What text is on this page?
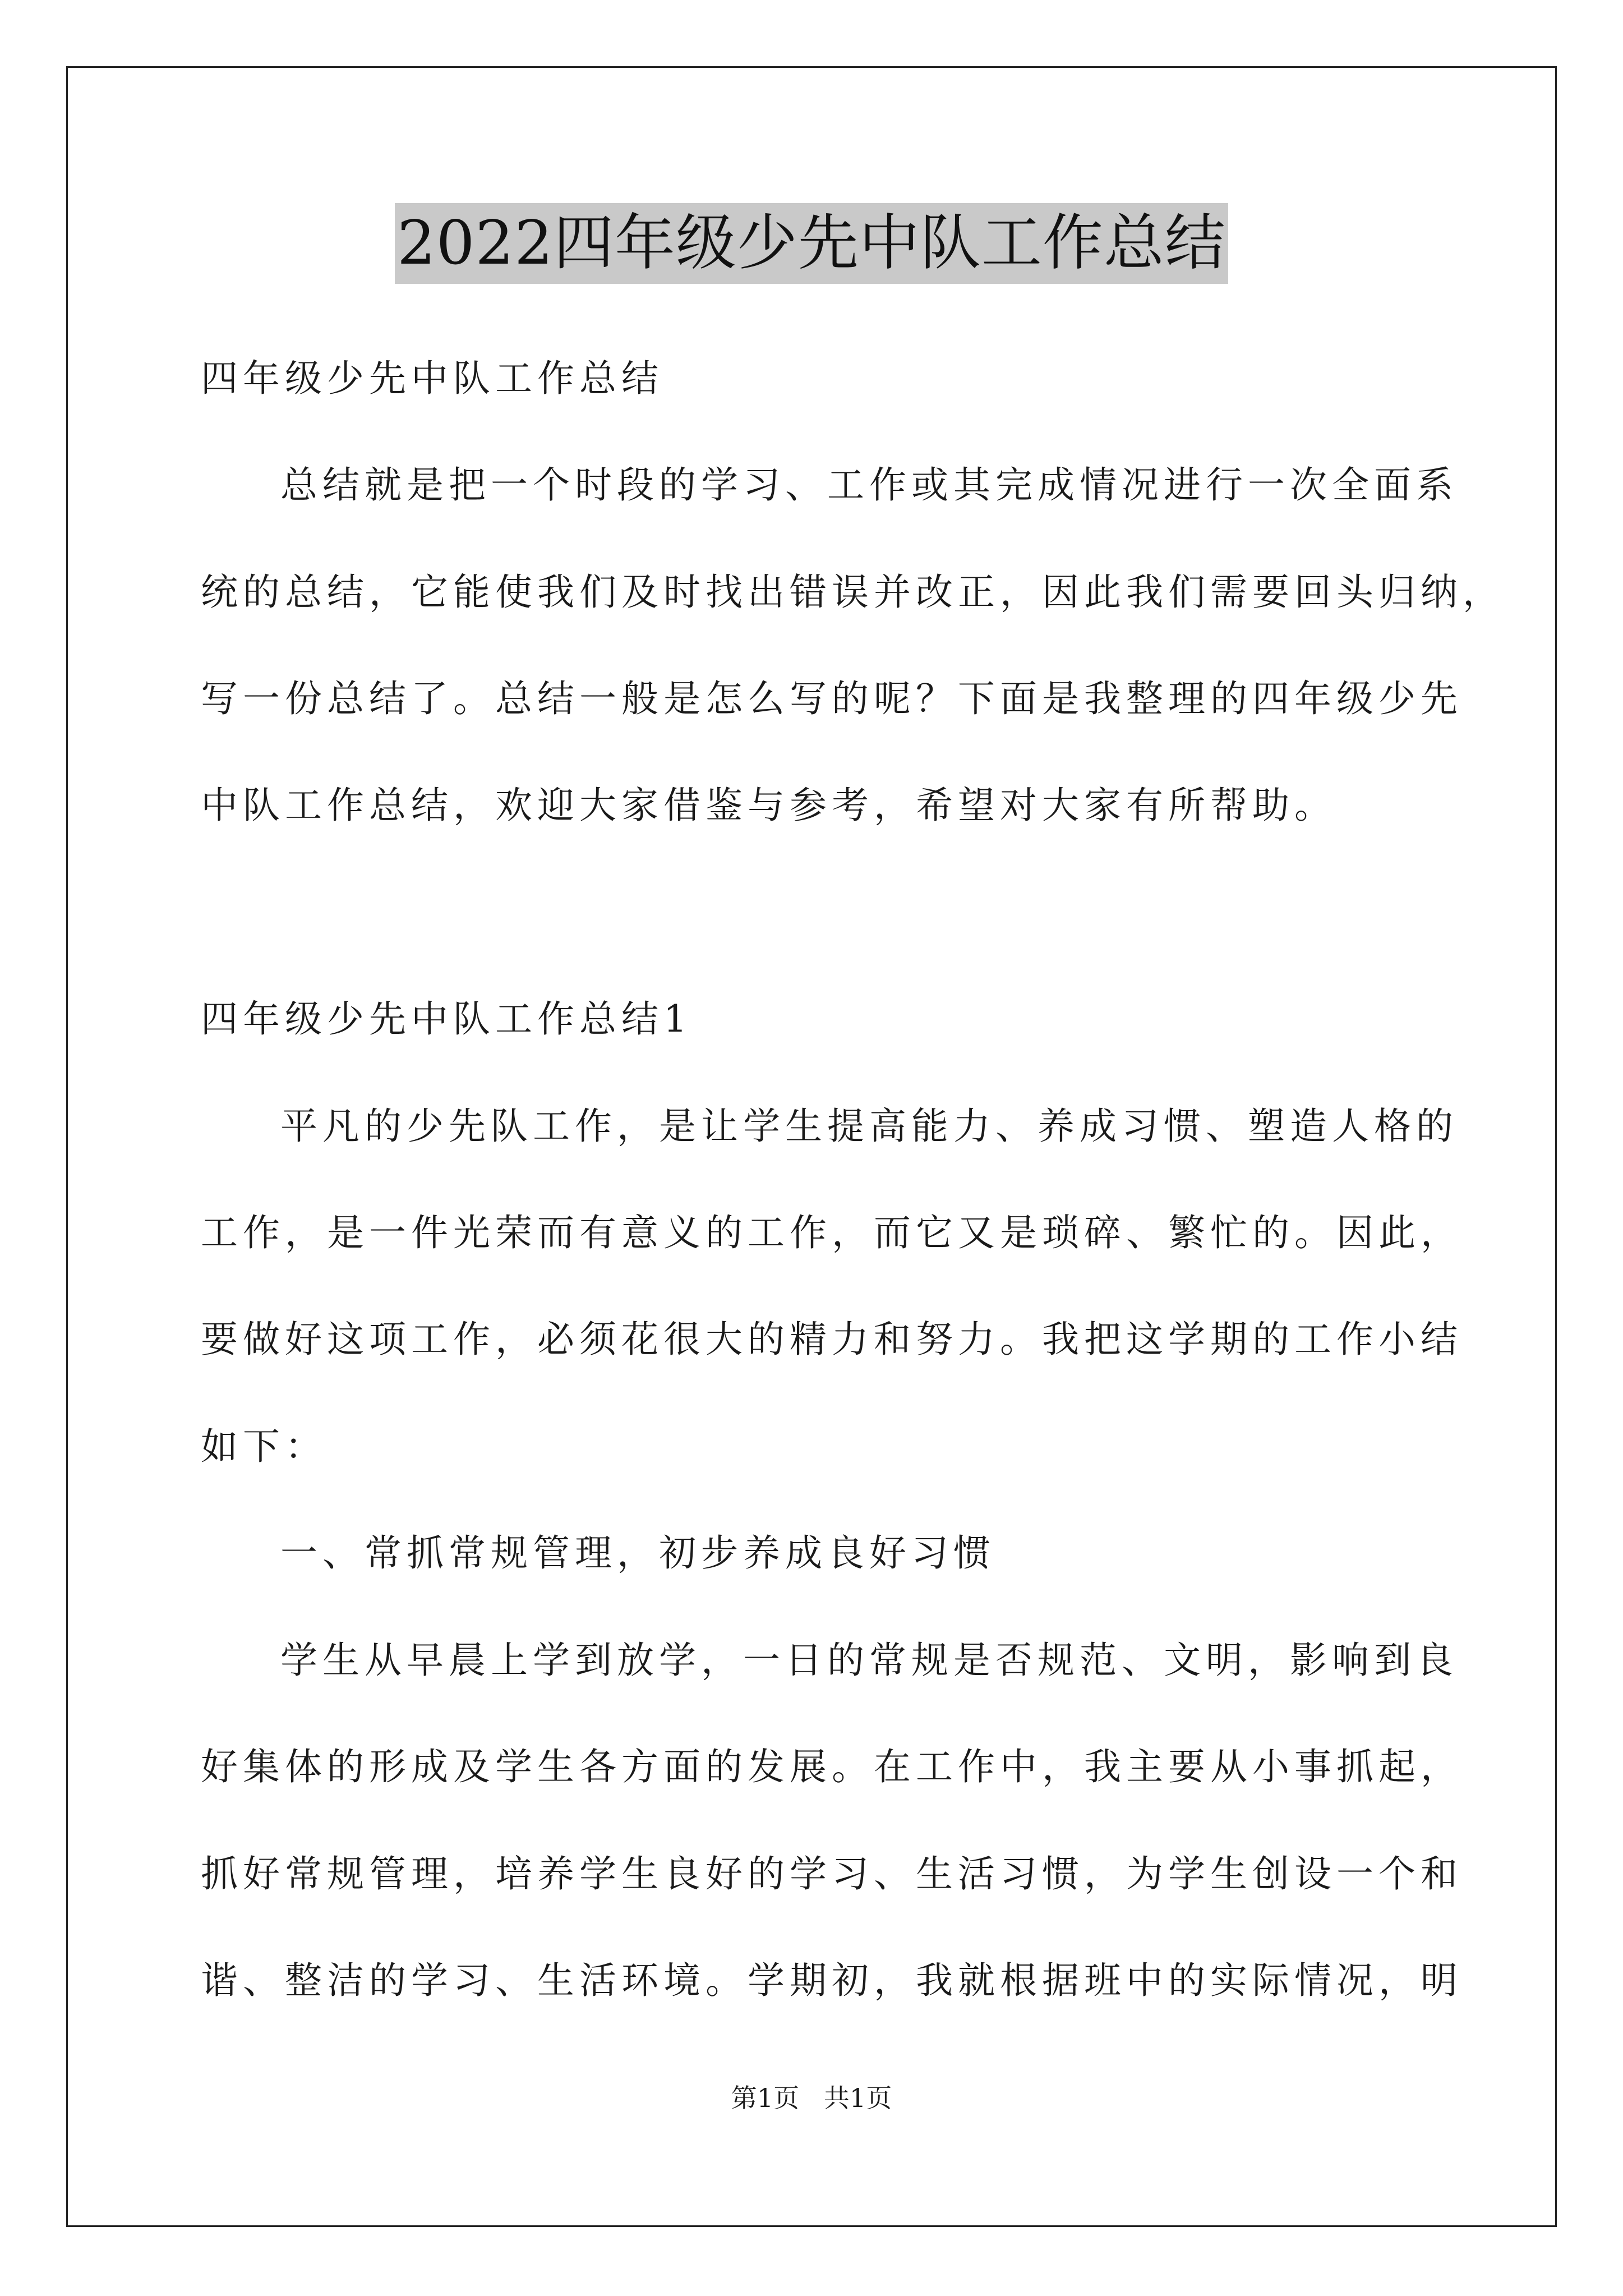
2022四年级少先中队工作总结
四年级少先中队工作总结
总结就是把一个时段的学习、工作或其完成情况进行一次全面系
统的总结，它能使我们及时找出错误并改正，因此我们需要回头归纳，
写一份总结了。总结一般是怎么写的呢？下面是我整理的四年级少先
中队工作总结，欢迎大家借鉴与参考，希望对大家有所帮助。
四年级少先中队工作总结1
平凡的少先队工作，是让学生提高能力、养成习惯、塑造人格的
工作，是一件光荣而有意义的工作，而它又是琐碎、繁忙的。因此，
要做好这项工作，必须花很大的精力和努力。我把这学期的工作小结
如下：
一、常抓常规管理，初步养成良好习惯
学生从早晨上学到放学，一日的常规是否规范、文明，影响到良
好集体的形成及学生各方面的发展。在工作中，我主要从小事抓起，
抓好常规管理，培养学生良好的学习、生活习惯，为学生创设一个和
谐、整洁的学习、生活环境。学期初，我就根据班中的实际情况，明
第1页   共1页
